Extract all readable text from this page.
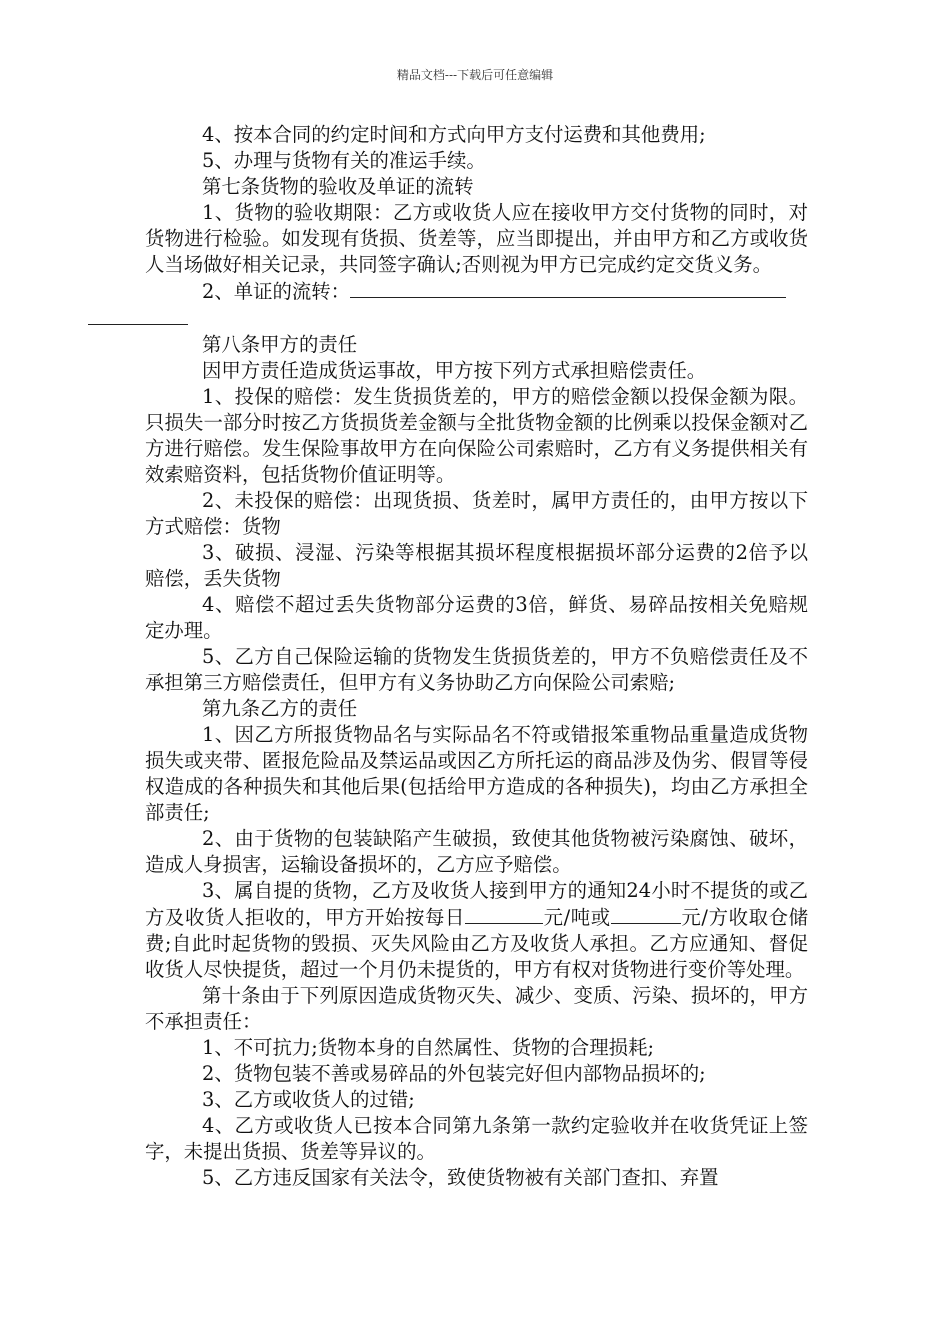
精品文档---下载后可任意编辑

4、按本合同的约定时间和方式向甲方支付运费和其他费用;

5、办理与货物有关的准运手续。

第七条货物的验收及单证的流转

1、货物的验收期限：乙方或收货人应在接收甲方交付货物的同时，对货物进行检验。如发现有货损、货差等，应当即提出，并由甲方和乙方或收货人当场做好相关记录，共同签字确认;否则视为甲方已完成约定交货义务。

2、单证的流转：

第八条甲方的责任

因甲方责任造成货运事故，甲方按下列方式承担赔偿责任。

1、投保的赔偿：发生货损货差的，甲方的赔偿金额以投保金额为限。只损失一部分时按乙方货损货差金额与全批货物金额的比例乘以投保金额对乙方进行赔偿。发生保险事故甲方在向保险公司索赔时，乙方有义务提供相关有效索赔资料，包括货物价值证明等。

2、未投保的赔偿：出现货损、货差时，属甲方责任的，由甲方按以下方式赔偿：货物

3、破损、浸湿、污染等根据其损坏程度根据损坏部分运费的2倍予以赔偿，丢失货物

4、赔偿不超过丢失货物部分运费的3倍，鲜货、易碎品按相关免赔规定办理。

5、乙方自己保险运输的货物发生货损货差的，甲方不负赔偿责任及不承担第三方赔偿责任，但甲方有义务协助乙方向保险公司索赔;

第九条乙方的责任

1、因乙方所报货物品名与实际品名不符或错报笨重物品重量造成货物损失或夹带、匿报危险品及禁运品或因乙方所托运的商品涉及伪劣、假冒等侵权造成的各种损失和其他后果(包括给甲方造成的各种损失)，均由乙方承担全部责任;

2、由于货物的包装缺陷产生破损，致使其他货物被污染腐蚀、破坏，造成人身损害，运输设备损坏的，乙方应予赔偿。

3、属自提的货物，乙方及收货人接到甲方的通知24小时不提货的或乙方及收货人拒收的，甲方开始按每日	元/吨或	元/方收取仓储费;自此时起货物的毁损、灭失风险由乙方及收货人承担。乙方应通知、督促收货人尽快提货，超过一个月仍未提货的，甲方有权对货物进行变价等处理。

第十条由于下列原因造成货物灭失、减少、变质、污染、损坏的，甲方不承担责任：

1、不可抗力;货物本身的自然属性、货物的合理损耗;

2、货物包装不善或易碎品的外包装完好但内部物品损坏的;

3、乙方或收货人的过错;

4、乙方或收货人已按本合同第九条第一款约定验收并在收货凭证上签字，未提出货损、货差等异议的。

5、乙方违反国家有关法令，致使货物被有关部门查扣、弃置
